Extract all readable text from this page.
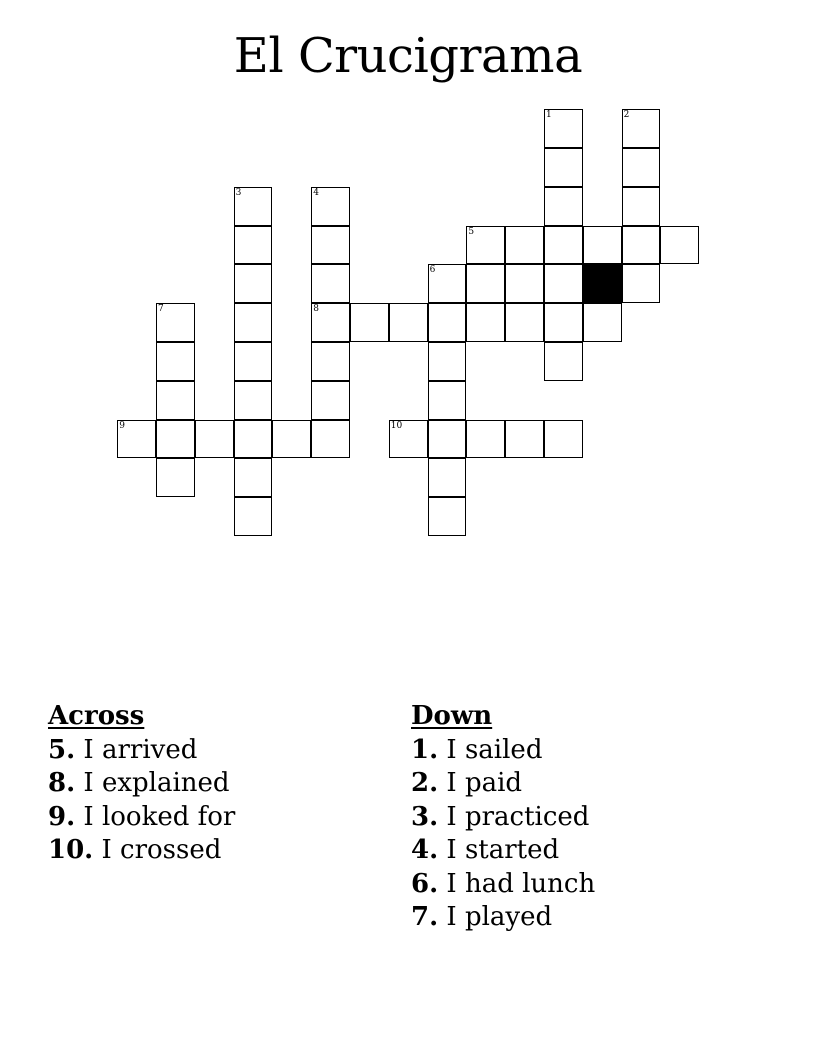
El Crucigrama
1	2
3	4
8
5
6
7
9	10
Across
5. I arrived
8. I explained
9. I looked for
10. I crossed
Down
1. I sailed
2. I paid
3. I practiced
4. I started
6. I had lunch
7. I played
